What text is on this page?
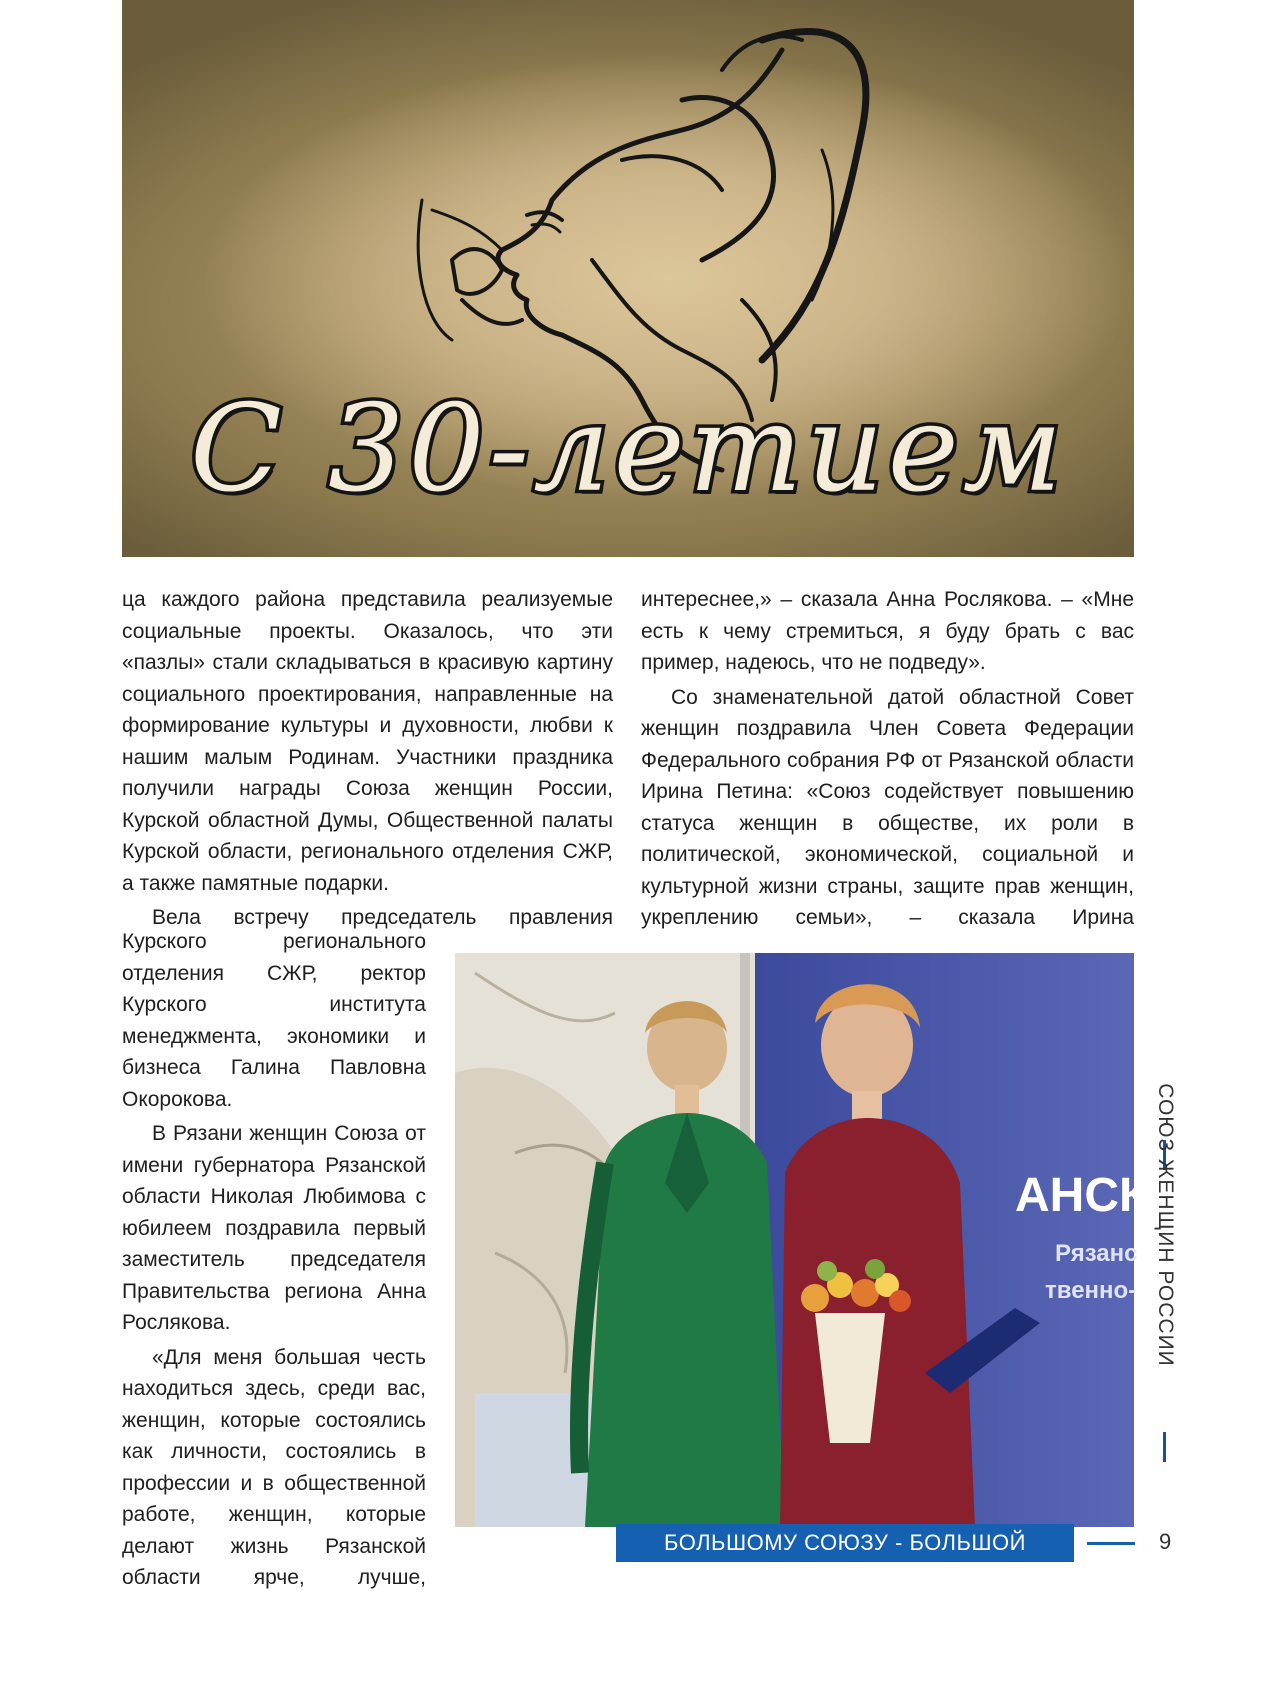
С 30-летием

ца каждого района представила реализуемые социальные проекты. Оказалось, что эти «пазлы» стали складываться в красивую картину социального проектирования, направленные на формирование культуры и духовности, любви к нашим малым Родинам. Участники праздника получили награды Союза женщин России, Курской областной Думы, Общественной палаты Курской области, регионального отделения СЖР, а также памятные подарки.

Вела встречу председатель правления

Курского регионального отделения СЖР, ректор Курского института менеджмента, экономики и бизнеса Галина Павловна Окорокова.

В Рязани женщин Союза от имени губернатора Рязанской области Николая Любимова с юбилеем поздравила первый заместитель председателя Правительства региона Анна Рослякова.

«Для меня большая честь находиться здесь, среди вас, женщин, которые состоялись как личности, состоялись в профессии и в общественной работе, женщин, которые делают жизнь Рязанской области ярче, лучше,

интереснее,» – сказала Анна Рослякова. – «Мне есть к чему стремиться, я буду брать с вас пример, надеюсь, что не подведу».

Со знаменательной датой областной Совет женщин поздравила Член Совета Федерации Федерального собрания РФ от Рязанской области Ирина Петина: «Союз содействует повышению статуса женщин в обществе, их роли в политической, экономической, социальной и культурной жизни страны, защите прав женщин, укреплению семьи», – сказала Ирина

АНСК
Рязанс
твенно- СОЮЗ ЖЕНЩИН РОССИИ
БОЛЬШОМУ СОЮЗУ - БОЛЬШОЙ ПРАЗДНИК
9
